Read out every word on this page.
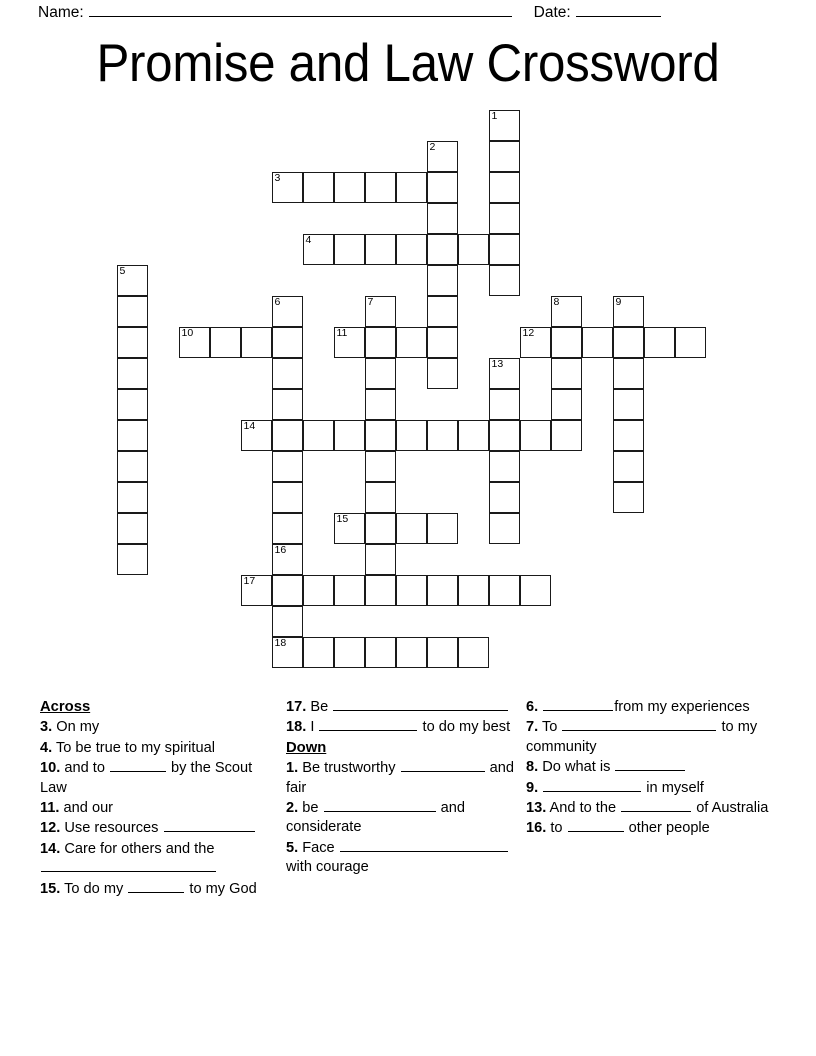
Name:	Date:
Promise and Law Crossword
1
2
3
4
5
6	7	8	9
10	11	12
13
14
15
16
17
18
Across
3. On my
4. To be true to my spiritual
10. and to	by the Scout Law
11. and our
12. Use resources
14. Care for others and the
15. To do my	to my God
17. Be
18. I	to do my best
Down
1. Be trustworthy	and fair
2. be	and considerate
5. Face  with courage
6.	from my experiences
7. To	to my community
8. Do what is
9.	in myself
13. And to the	of Australia
16. to	other people
